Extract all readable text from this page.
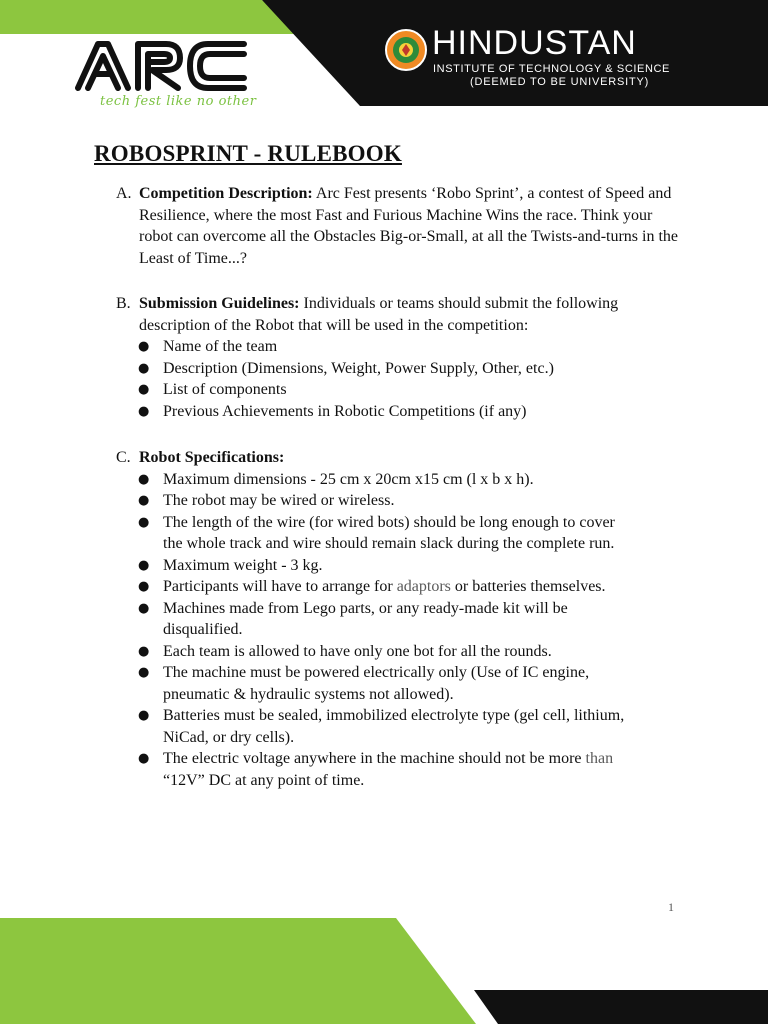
tech fest like no other
HINDUSTAN
INSTITUTE OF TECHNOLOGY & SCIENCE
(DEEMED TO BE UNIVERSITY)
ROBOSPRINT - RULEBOOK
A. Competition Description: Arc Fest presents ‘Robo Sprint’, a contest of Speed and Resilience, where the most Fast and Furious Machine Wins the race. Think your robot can overcome all the Obstacles Big-or-Small, at all the Twists-and-turns in the Least of Time...?
B. Submission Guidelines: Individuals or teams should submit the following description of the Robot that will be used in the competition:
● Name of the team
● Description (Dimensions, Weight, Power Supply, Other, etc.)
● List of components
● Previous Achievements in Robotic Competitions (if any)
C. Robot Specifications:
● Maximum dimensions - 25 cm x 20cm x15 cm (l x b x h).
● The robot may be wired or wireless.
● The length of the wire (for wired bots) should be long enough to cover the whole track and wire should remain slack during the complete run.
● Maximum weight - 3 kg.
● Participants will have to arrange for adaptors or batteries themselves.
● Machines made from Lego parts, or any ready-made kit will be disqualified.
● Each team is allowed to have only one bot for all the rounds.
● The machine must be powered electrically only (Use of IC engine, pneumatic & hydraulic systems not allowed).
● Batteries must be sealed, immobilized electrolyte type (gel cell, lithium, NiCad, or dry cells).
● The electric voltage anywhere in the machine should not be more than “12V” DC at any point of time.
1
